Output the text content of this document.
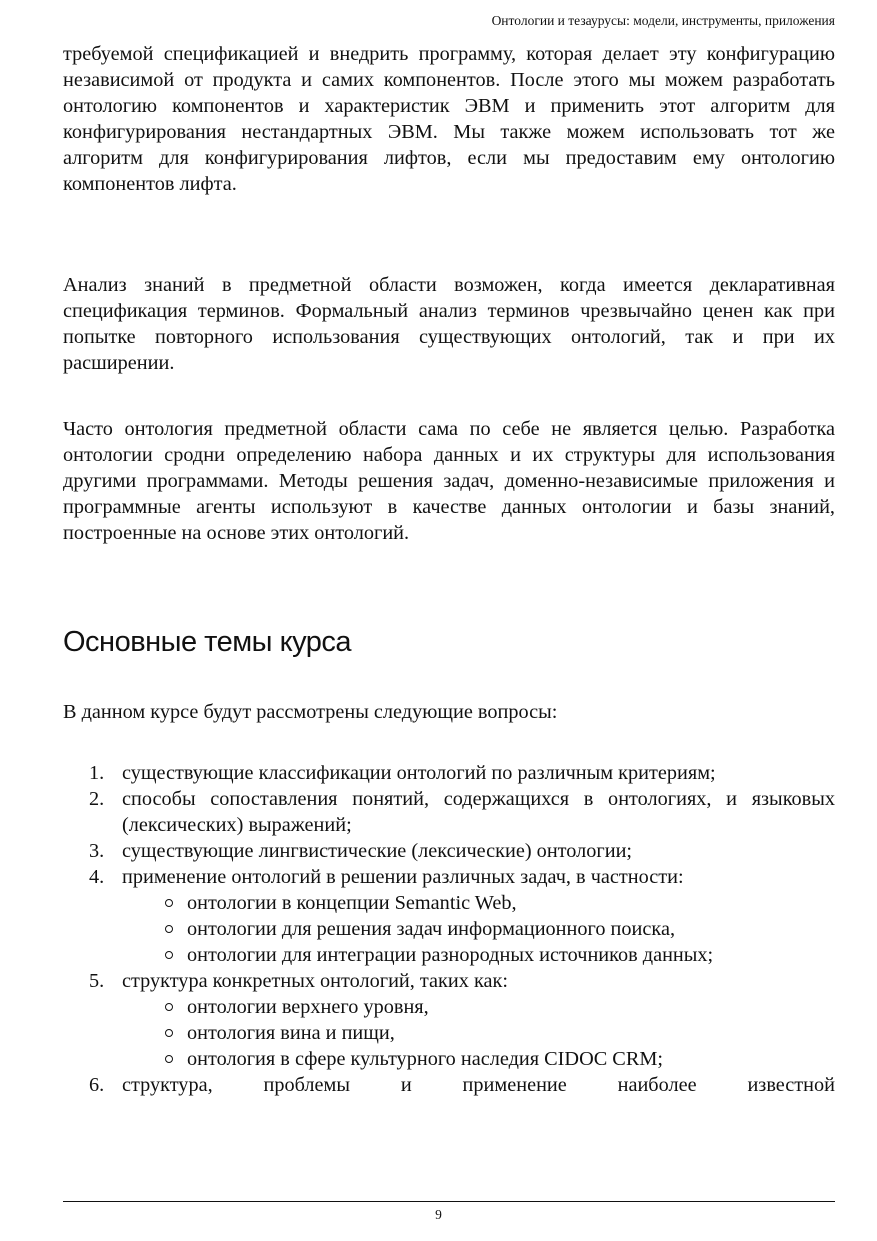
Онтологии и тезаурусы: модели, инструменты, приложения

требуемой спецификацией и внедрить программу, которая делает эту конфигурацию независимой от продукта и самих компонентов. После этого мы можем разработать онтологию компонентов и характеристик ЭВМ и применить этот алгоритм для конфигурирования нестандартных ЭВМ. Мы также можем использовать тот же алгоритм для конфигурирования лифтов, если мы предоставим ему онтологию компонентов лифта.

Анализ знаний в предметной области возможен, когда имеется декларативная спецификация терминов. Формальный анализ терминов чрезвычайно ценен как при попытке повторного использования существующих онтологий, так и при их расширении.

Часто онтология предметной области сама по себе не является целью. Разработка онтологии сродни определению набора данных и их структуры для использования другими программами. Методы решения задач, доменно-независимые приложения и программные агенты используют в качестве данных онтологии и базы знаний, построенные на основе этих онтологий.

Основные темы курса
В данном курсе будут рассмотрены следующие вопросы:
1. существующие классификации онтологий по различным критериям;
2. способы сопоставления понятий, содержащихся в онтологиях, и языковых (лексических) выражений;
3. существующие лингвистические (лексические) онтологии;
4. применение онтологий в решении различных задач, в частности:
онтологии в концепции Semantic Web,
онтологии для решения задач информационного поиска,
онтологии для интеграции разнородных источников данных;
5. структура конкретных онтологий, таких как:
онтологии верхнего уровня,
онтология вина и пищи,
онтология в сфере культурного наследия CIDOC CRM;
6. структура, проблемы и применение наиболее известной
9
